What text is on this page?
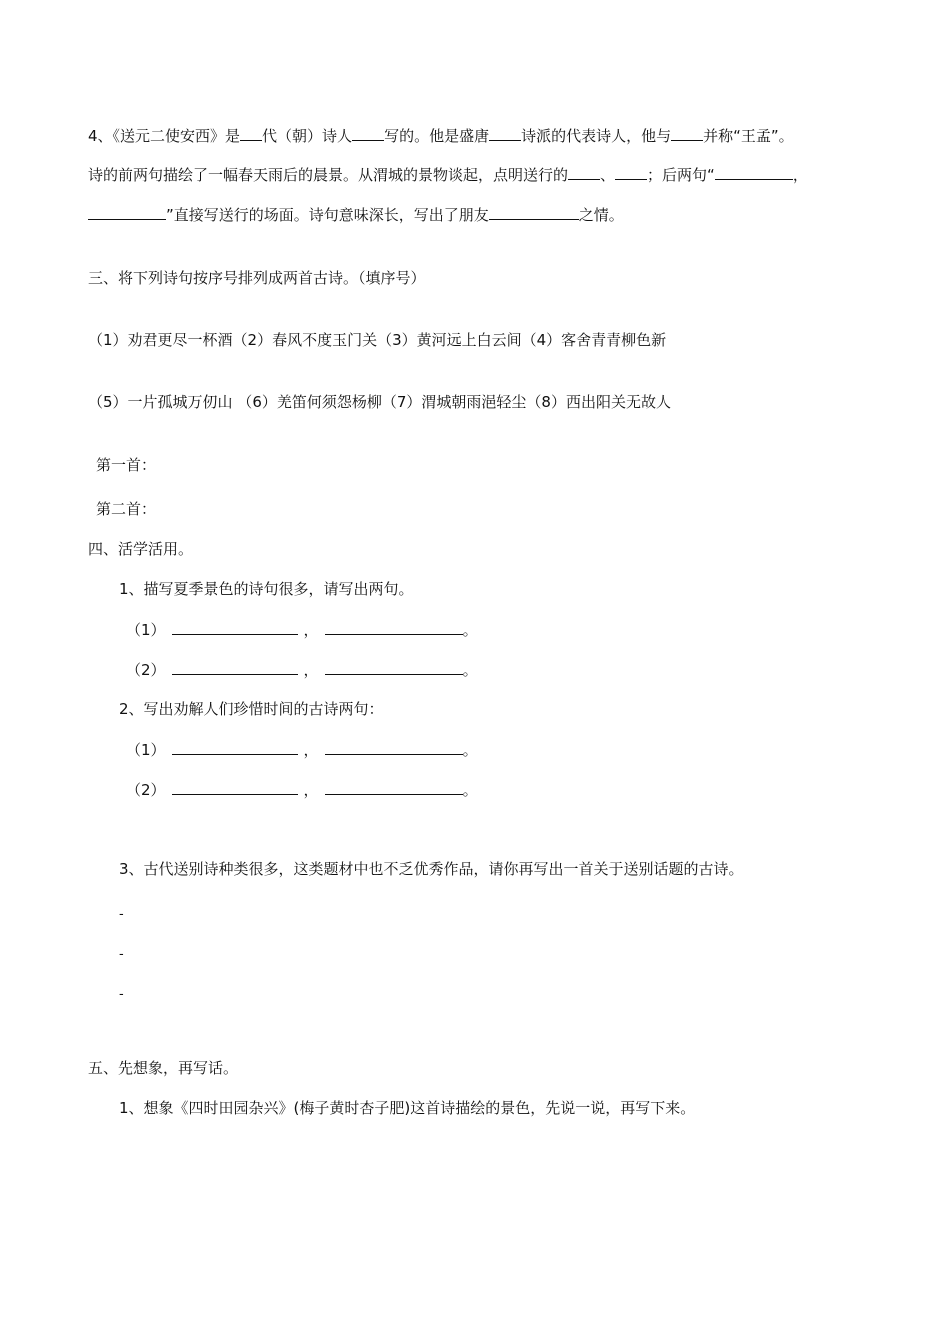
4、《送元二使安西》是 代（朝）诗人 写的。他是盛唐 诗派的代表诗人，他与 并称“王孟”。
诗的前两句描绘了一幅春天雨后的晨景。从渭城的景物谈起，点明送行的 、 ；后两句“	，
”直接写送行的场面。诗句意味深长，写出了朋友	之情。
三、将下列诗句按序号排列成两首古诗。（填序号）
（1）劝君更尽一杯酒（2）春风不度玉门关（3）黄河远上白云间（4）客舍青青柳色新
（5）一片孤城万仞山 （6）羌笛何须怨杨柳（7）渭城朝雨浥轻尘（8）西出阳关无故人
第一首：
第二首：
四、活学活用。
1、描写夏季景色的诗句很多，请写出两句。
（1）	，	。
（2）	，	。
2、写出劝解人们珍惜时间的古诗两句：
（1）	，	。
（2）	，	。
3、古代送别诗种类很多，这类题材中也不乏优秀作品，请你再写出一首关于送别话题的古诗。
-
-
-
五、先想象，再写话。
1、想象《四时田园杂兴》(梅子黄时杏子肥)这首诗描绘的景色，先说一说，再写下来。
